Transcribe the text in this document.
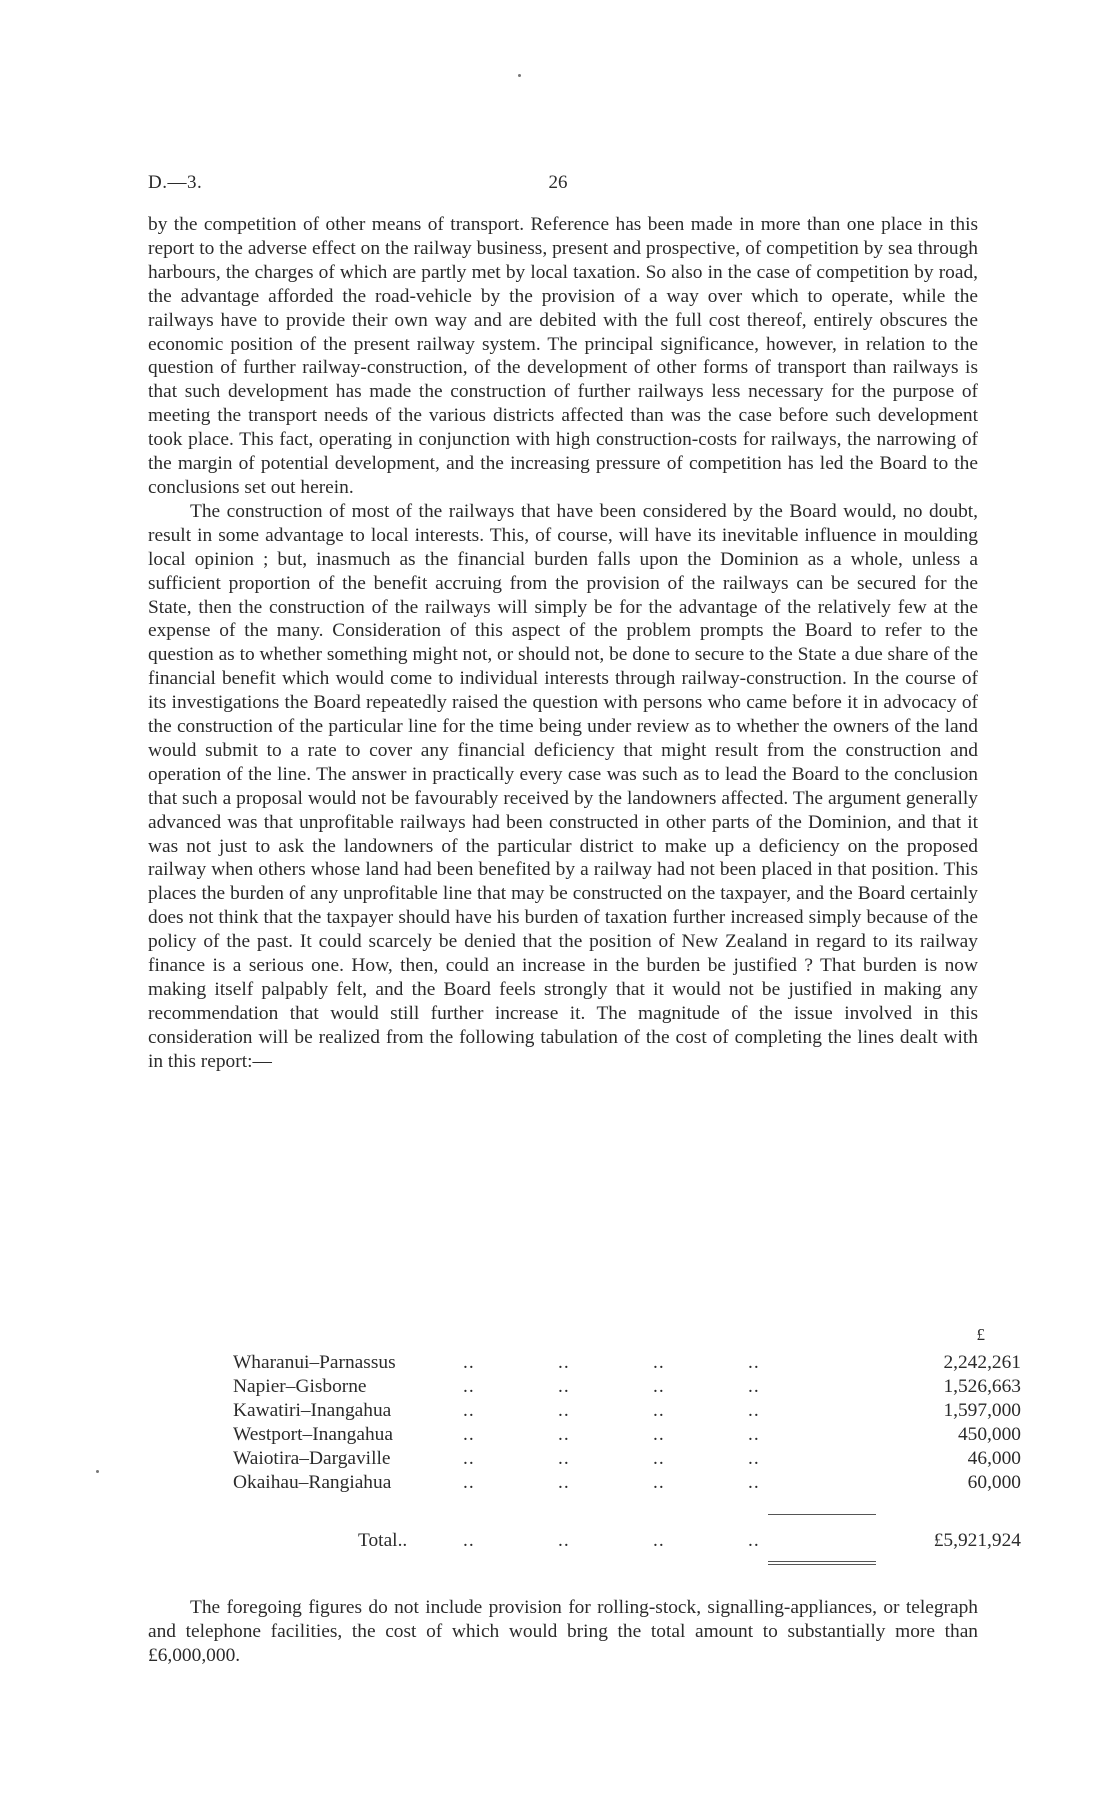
D.—3.	26

by the competition of other means of transport. Reference has been made in more than one place in this report to the adverse effect on the railway business, present and prospective, of competition by sea through harbours, the charges of which are partly met by local taxation. So also in the case of competition by road, the advantage afforded the road-vehicle by the provision of a way over which to operate, while the railways have to provide their own way and are debited with the full cost thereof, entirely obscures the economic position of the present railway system. The principal significance, however, in relation to the question of further railway-construction, of the development of other forms of transport than railways is that such development has made the construction of further railways less necessary for the purpose of meeting the transport needs of the various districts affected than was the case before such development took place. This fact, operating in conjunction with high construction-costs for railways, the narrowing of the margin of potential development, and the increasing pressure of competition has led the Board to the conclusions set out herein.

The construction of most of the railways that have been considered by the Board would, no doubt, result in some advantage to local interests. This, of course, will have its inevitable influence in moulding local opinion ; but, inasmuch as the financial burden falls upon the Dominion as a whole, unless a sufficient proportion of the benefit accruing from the provision of the railways can be secured for the State, then the construction of the railways will simply be for the advantage of the relatively few at the expense of the many. Consideration of this aspect of the problem prompts the Board to refer to the question as to whether something might not, or should not, be done to secure to the State a due share of the financial benefit which would come to individual interests through railway-construction. In the course of its investigations the Board repeatedly raised the question with persons who came before it in advocacy of the construction of the particular line for the time being under review as to whether the owners of the land would submit to a rate to cover any financial deficiency that might result from the construction and operation of the line. The answer in practically every case was such as to lead the Board to the conclusion that such a proposal would not be favourably received by the landowners affected. The argument generally advanced was that unprofitable railways had been constructed in other parts of the Dominion, and that it was not just to ask the landowners of the particular district to make up a deficiency on the proposed railway when others whose land had been benefited by a railway had not been placed in that position. This places the burden of any unprofitable line that may be constructed on the taxpayer, and the Board certainly does not think that the taxpayer should have his burden of taxation further increased simply because of the policy of the past. It could scarcely be denied that the position of New Zealand in regard to its railway finance is a serious one. How, then, could an increase in the burden be justified ? That burden is now making itself palpably felt, and the Board feels strongly that it would not be justified in making any recommendation that would still further increase it. The magnitude of the issue involved in this consideration will be realized from the following tabulation of the cost of completing the lines dealt with in this report:—

£
Wharanui–Parnassus	..	..	..	..	2,242,261
Napier–Gisborne	..	..	..	..	1,526,663
Kawatiri–Inangahua	..	..	..	..	1,597,000
Westport–Inangahua	..	..	..	..	450,000
Waiotira–Dargaville	..	..	..	..	46,000
Okaihau–Rangiahua	..	..	..	..	60,000
Total..	..	..	..	..	£5,921,924

The foregoing figures do not include provision for rolling-stock, signalling-appliances, or telegraph and telephone facilities, the cost of which would bring the total amount to substantially more than £6,000,000.
